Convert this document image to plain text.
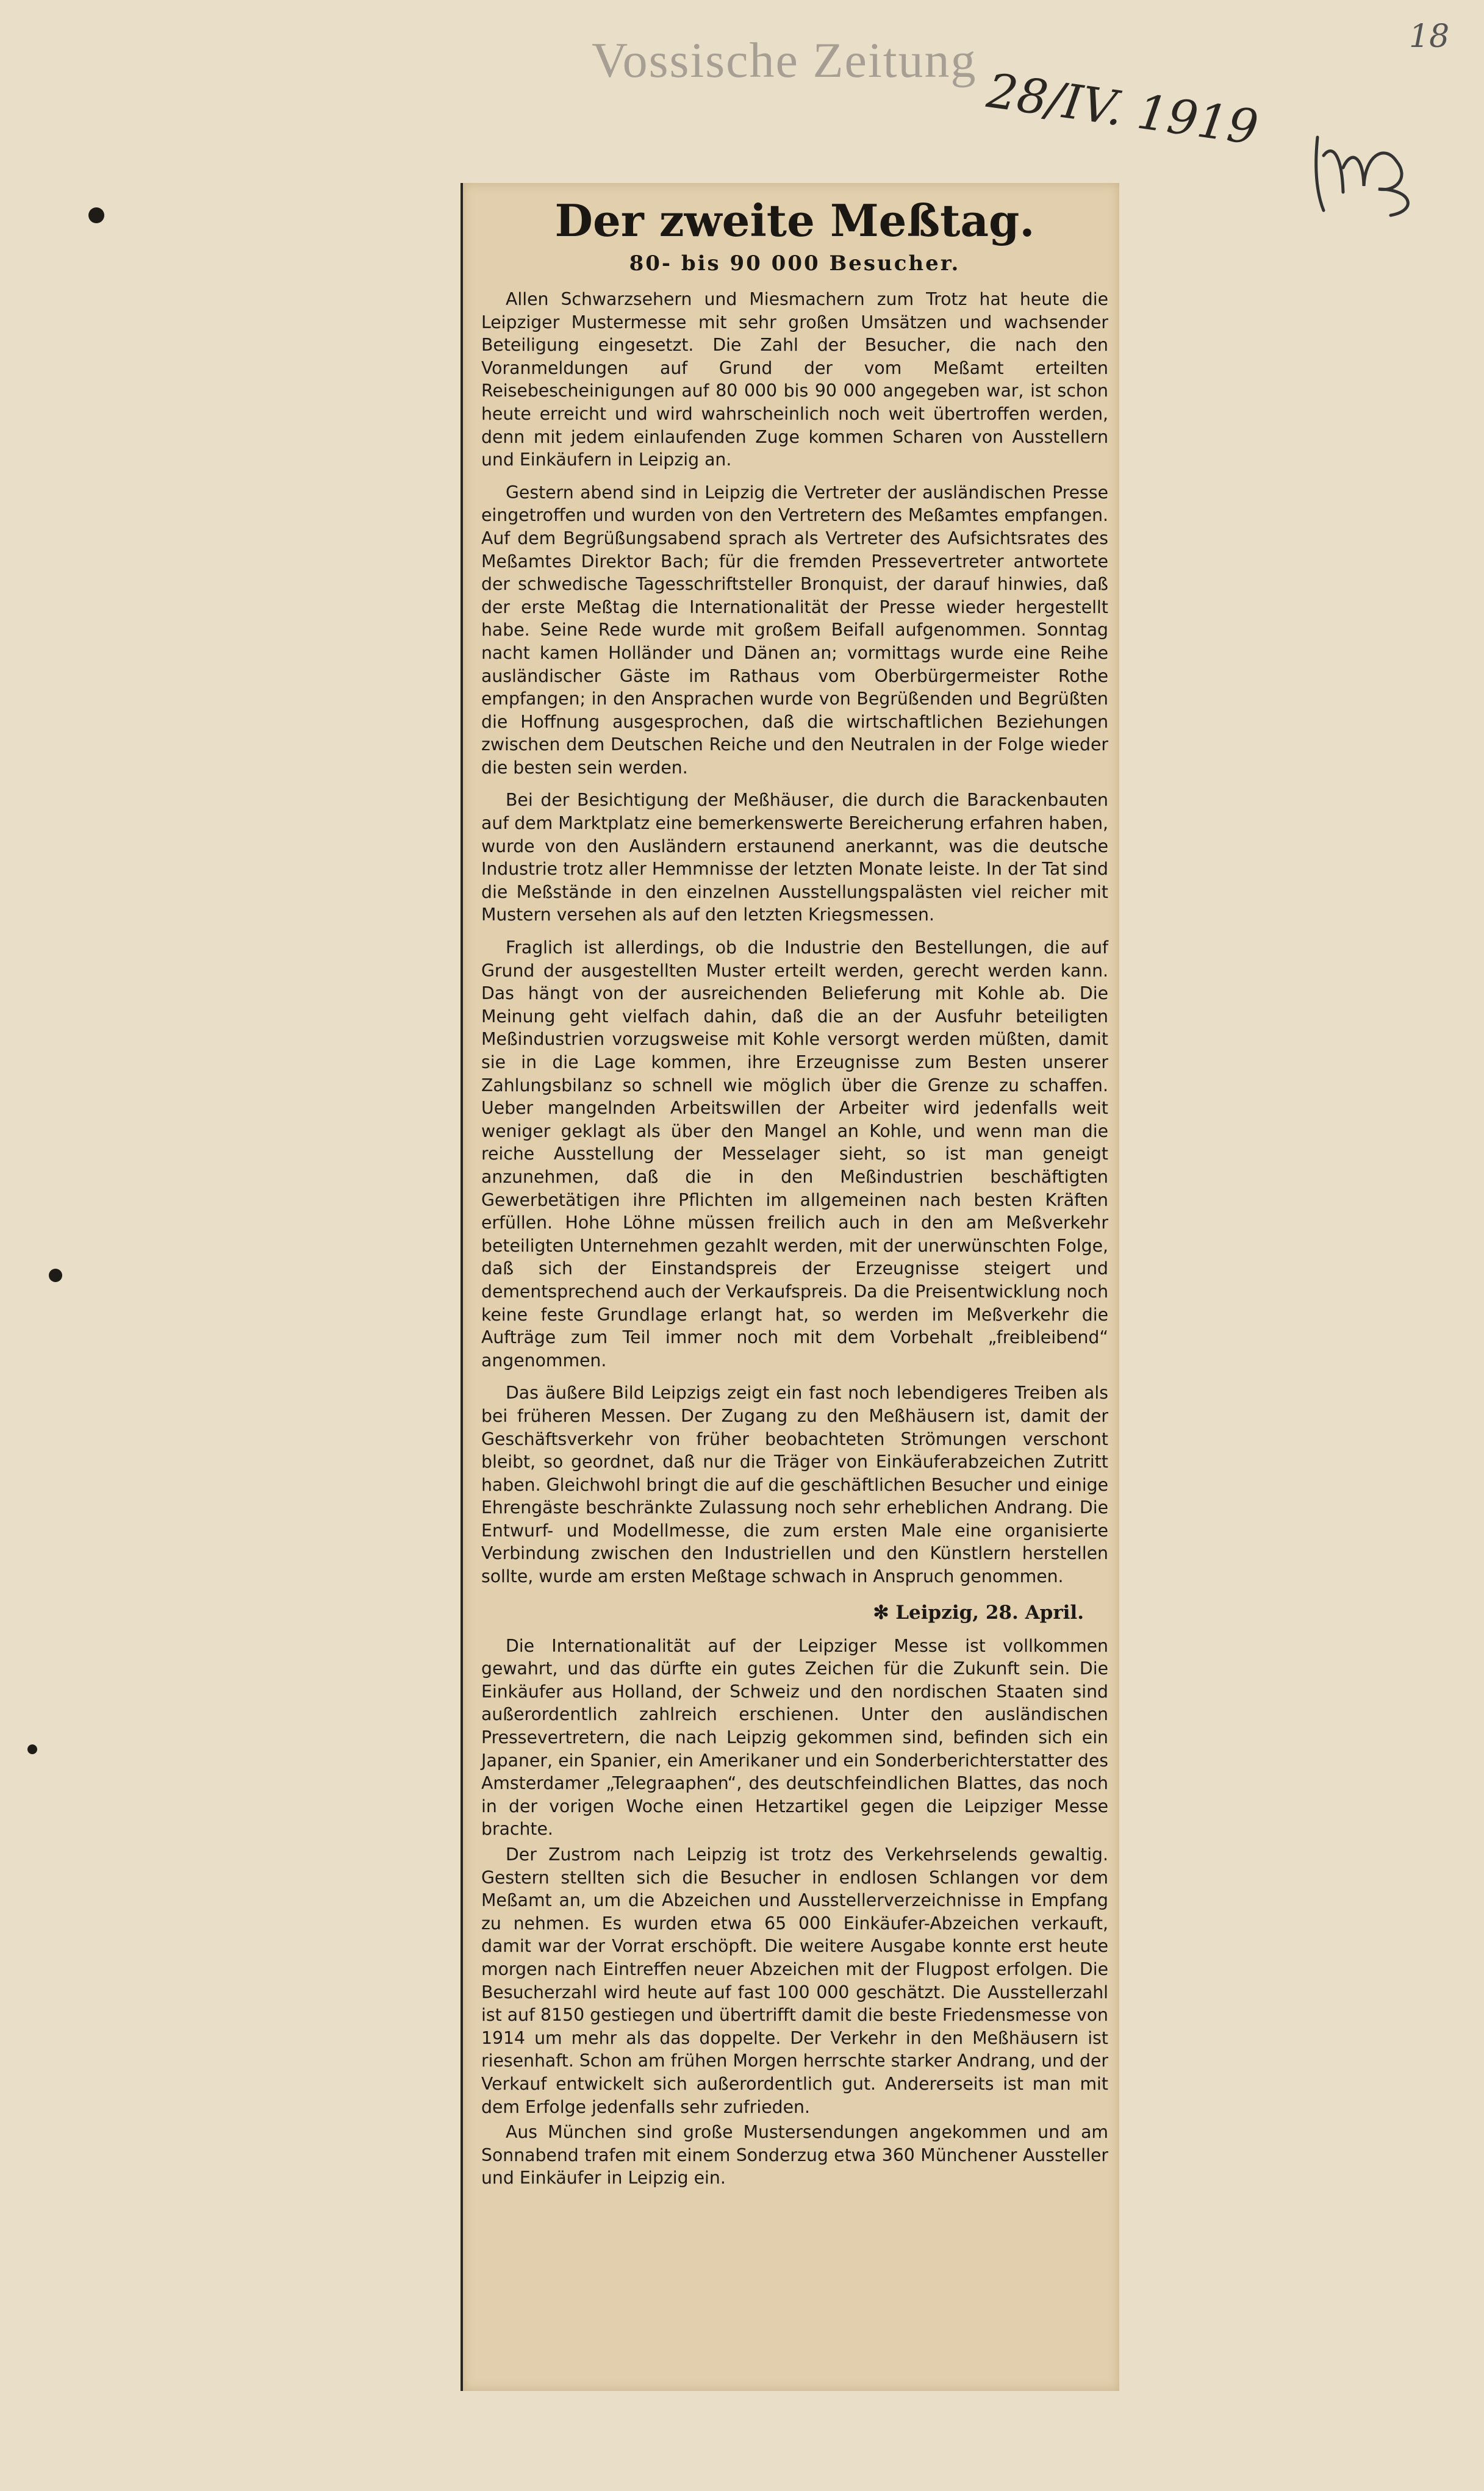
Vossische Zeitung
28/IV. 1919
18
Der zweite Meßtag.
80- bis 90 000 Besucher.

Allen Schwarzsehern und Miesmachern zum Trotz hat heute die Leipziger Mustermesse mit sehr großen Umsätzen und wachsender Beteiligung eingesetzt. Die Zahl der Besucher, die nach den Voranmeldungen auf Grund der vom Meßamt erteilten Reisebescheinigungen auf 80 000 bis 90 000 angegeben war, ist schon heute erreicht und wird wahrscheinlich noch weit übertroffen werden, denn mit jedem einlaufenden Zuge kommen Scharen von Ausstellern und Einkäufern in Leipzig an.

Gestern abend sind in Leipzig die Vertreter der ausländischen Presse eingetroffen und wurden von den Vertretern des Meßamtes empfangen. Auf dem Begrüßungsabend sprach als Vertreter des Aufsichtsrates des Meßamtes Direktor Bach; für die fremden Pressevertreter antwortete der schwedische Tagesschriftsteller Bronquist, der darauf hinwies, daß der erste Meßtag die Internationalität der Presse wieder hergestellt habe. Seine Rede wurde mit großem Beifall aufgenommen. Sonntag nacht kamen Holländer und Dänen an; vormittags wurde eine Reihe ausländischer Gäste im Rathaus vom Oberbürgermeister Rothe empfangen; in den Ansprachen wurde von Begrüßenden und Begrüßten die Hoffnung ausgesprochen, daß die wirtschaftlichen Beziehungen zwischen dem Deutschen Reiche und den Neutralen in der Folge wieder die besten sein werden.

Bei der Besichtigung der Meßhäuser, die durch die Barackenbauten auf dem Marktplatz eine bemerkenswerte Bereicherung erfahren haben, wurde von den Ausländern erstaunend anerkannt, was die deutsche Industrie trotz aller Hemmnisse der letzten Monate leiste. In der Tat sind die Meßstände in den einzelnen Ausstellungspalästen viel reicher mit Mustern versehen als auf den letzten Kriegsmessen.

Fraglich ist allerdings, ob die Industrie den Bestellungen, die auf Grund der ausgestellten Muster erteilt werden, gerecht werden kann. Das hängt von der ausreichenden Belieferung mit Kohle ab. Die Meinung geht vielfach dahin, daß die an der Ausfuhr beteiligten Meßindustrien vorzugsweise mit Kohle versorgt werden müßten, damit sie in die Lage kommen, ihre Erzeugnisse zum Besten unserer Zahlungsbilanz so schnell wie möglich über die Grenze zu schaffen. Ueber mangelnden Arbeitswillen der Arbeiter wird jedenfalls weit weniger geklagt als über den Mangel an Kohle, und wenn man die reiche Ausstellung der Messelager sieht, so ist man geneigt anzunehmen, daß die in den Meßindustrien beschäftigten Gewerbetätigen ihre Pflichten im allgemeinen nach besten Kräften erfüllen. Hohe Löhne müssen freilich auch in den am Meßverkehr beteiligten Unternehmen gezahlt werden, mit der unerwünschten Folge, daß sich der Einstandspreis der Erzeugnisse steigert und dementsprechend auch der Verkaufspreis. Da die Preisentwicklung noch keine feste Grundlage erlangt hat, so werden im Meßverkehr die Aufträge zum Teil immer noch mit dem Vorbehalt „freibleibend“ angenommen.

Das äußere Bild Leipzigs zeigt ein fast noch lebendigeres Treiben als bei früheren Messen. Der Zugang zu den Meßhäusern ist, damit der Geschäftsverkehr von früher beobachteten Strömungen verschont bleibt, so geordnet, daß nur die Träger von Einkäuferabzeichen Zutritt haben. Gleichwohl bringt die auf die geschäftlichen Besucher und einige Ehrengäste beschränkte Zulassung noch sehr erheblichen Andrang. Die Entwurf- und Modellmesse, die zum ersten Male eine organisierte Verbindung zwischen den Industriellen und den Künstlern herstellen sollte, wurde am ersten Meßtage schwach in Anspruch genommen.

✻ Leipzig, 28. April.

Die Internationalität auf der Leipziger Messe ist vollkommen gewahrt, und das dürfte ein gutes Zeichen für die Zukunft sein. Die Einkäufer aus Holland, der Schweiz und den nordischen Staaten sind außerordentlich zahlreich erschienen. Unter den ausländischen Pressevertretern, die nach Leipzig gekommen sind, befinden sich ein Japaner, ein Spanier, ein Amerikaner und ein Sonderberichterstatter des Amsterdamer „Telegraaphen“, des deutschfeindlichen Blattes, das noch in der vorigen Woche einen Hetzartikel gegen die Leipziger Messe brachte.

Der Zustrom nach Leipzig ist trotz des Verkehrselends gewaltig. Gestern stellten sich die Besucher in endlosen Schlangen vor dem Meßamt an, um die Abzeichen und Ausstellerverzeichnisse in Empfang zu nehmen. Es wurden etwa 65 000 Einkäufer-Abzeichen verkauft, damit war der Vorrat erschöpft. Die weitere Ausgabe konnte erst heute morgen nach Eintreffen neuer Abzeichen mit der Flugpost erfolgen. Die Besucherzahl wird heute auf fast 100 000 geschätzt. Die Ausstellerzahl ist auf 8150 gestiegen und übertrifft damit die beste Friedensmesse von 1914 um mehr als das doppelte. Der Verkehr in den Meßhäusern ist riesenhaft. Schon am frühen Morgen herrschte starker Andrang, und der Verkauf entwickelt sich außerordentlich gut. Andererseits ist man mit dem Erfolge jedenfalls sehr zufrieden.

Aus München sind große Mustersendungen angekommen und am Sonnabend trafen mit einem Sonderzug etwa 360 Münchener Aussteller und Einkäufer in Leipzig ein.
